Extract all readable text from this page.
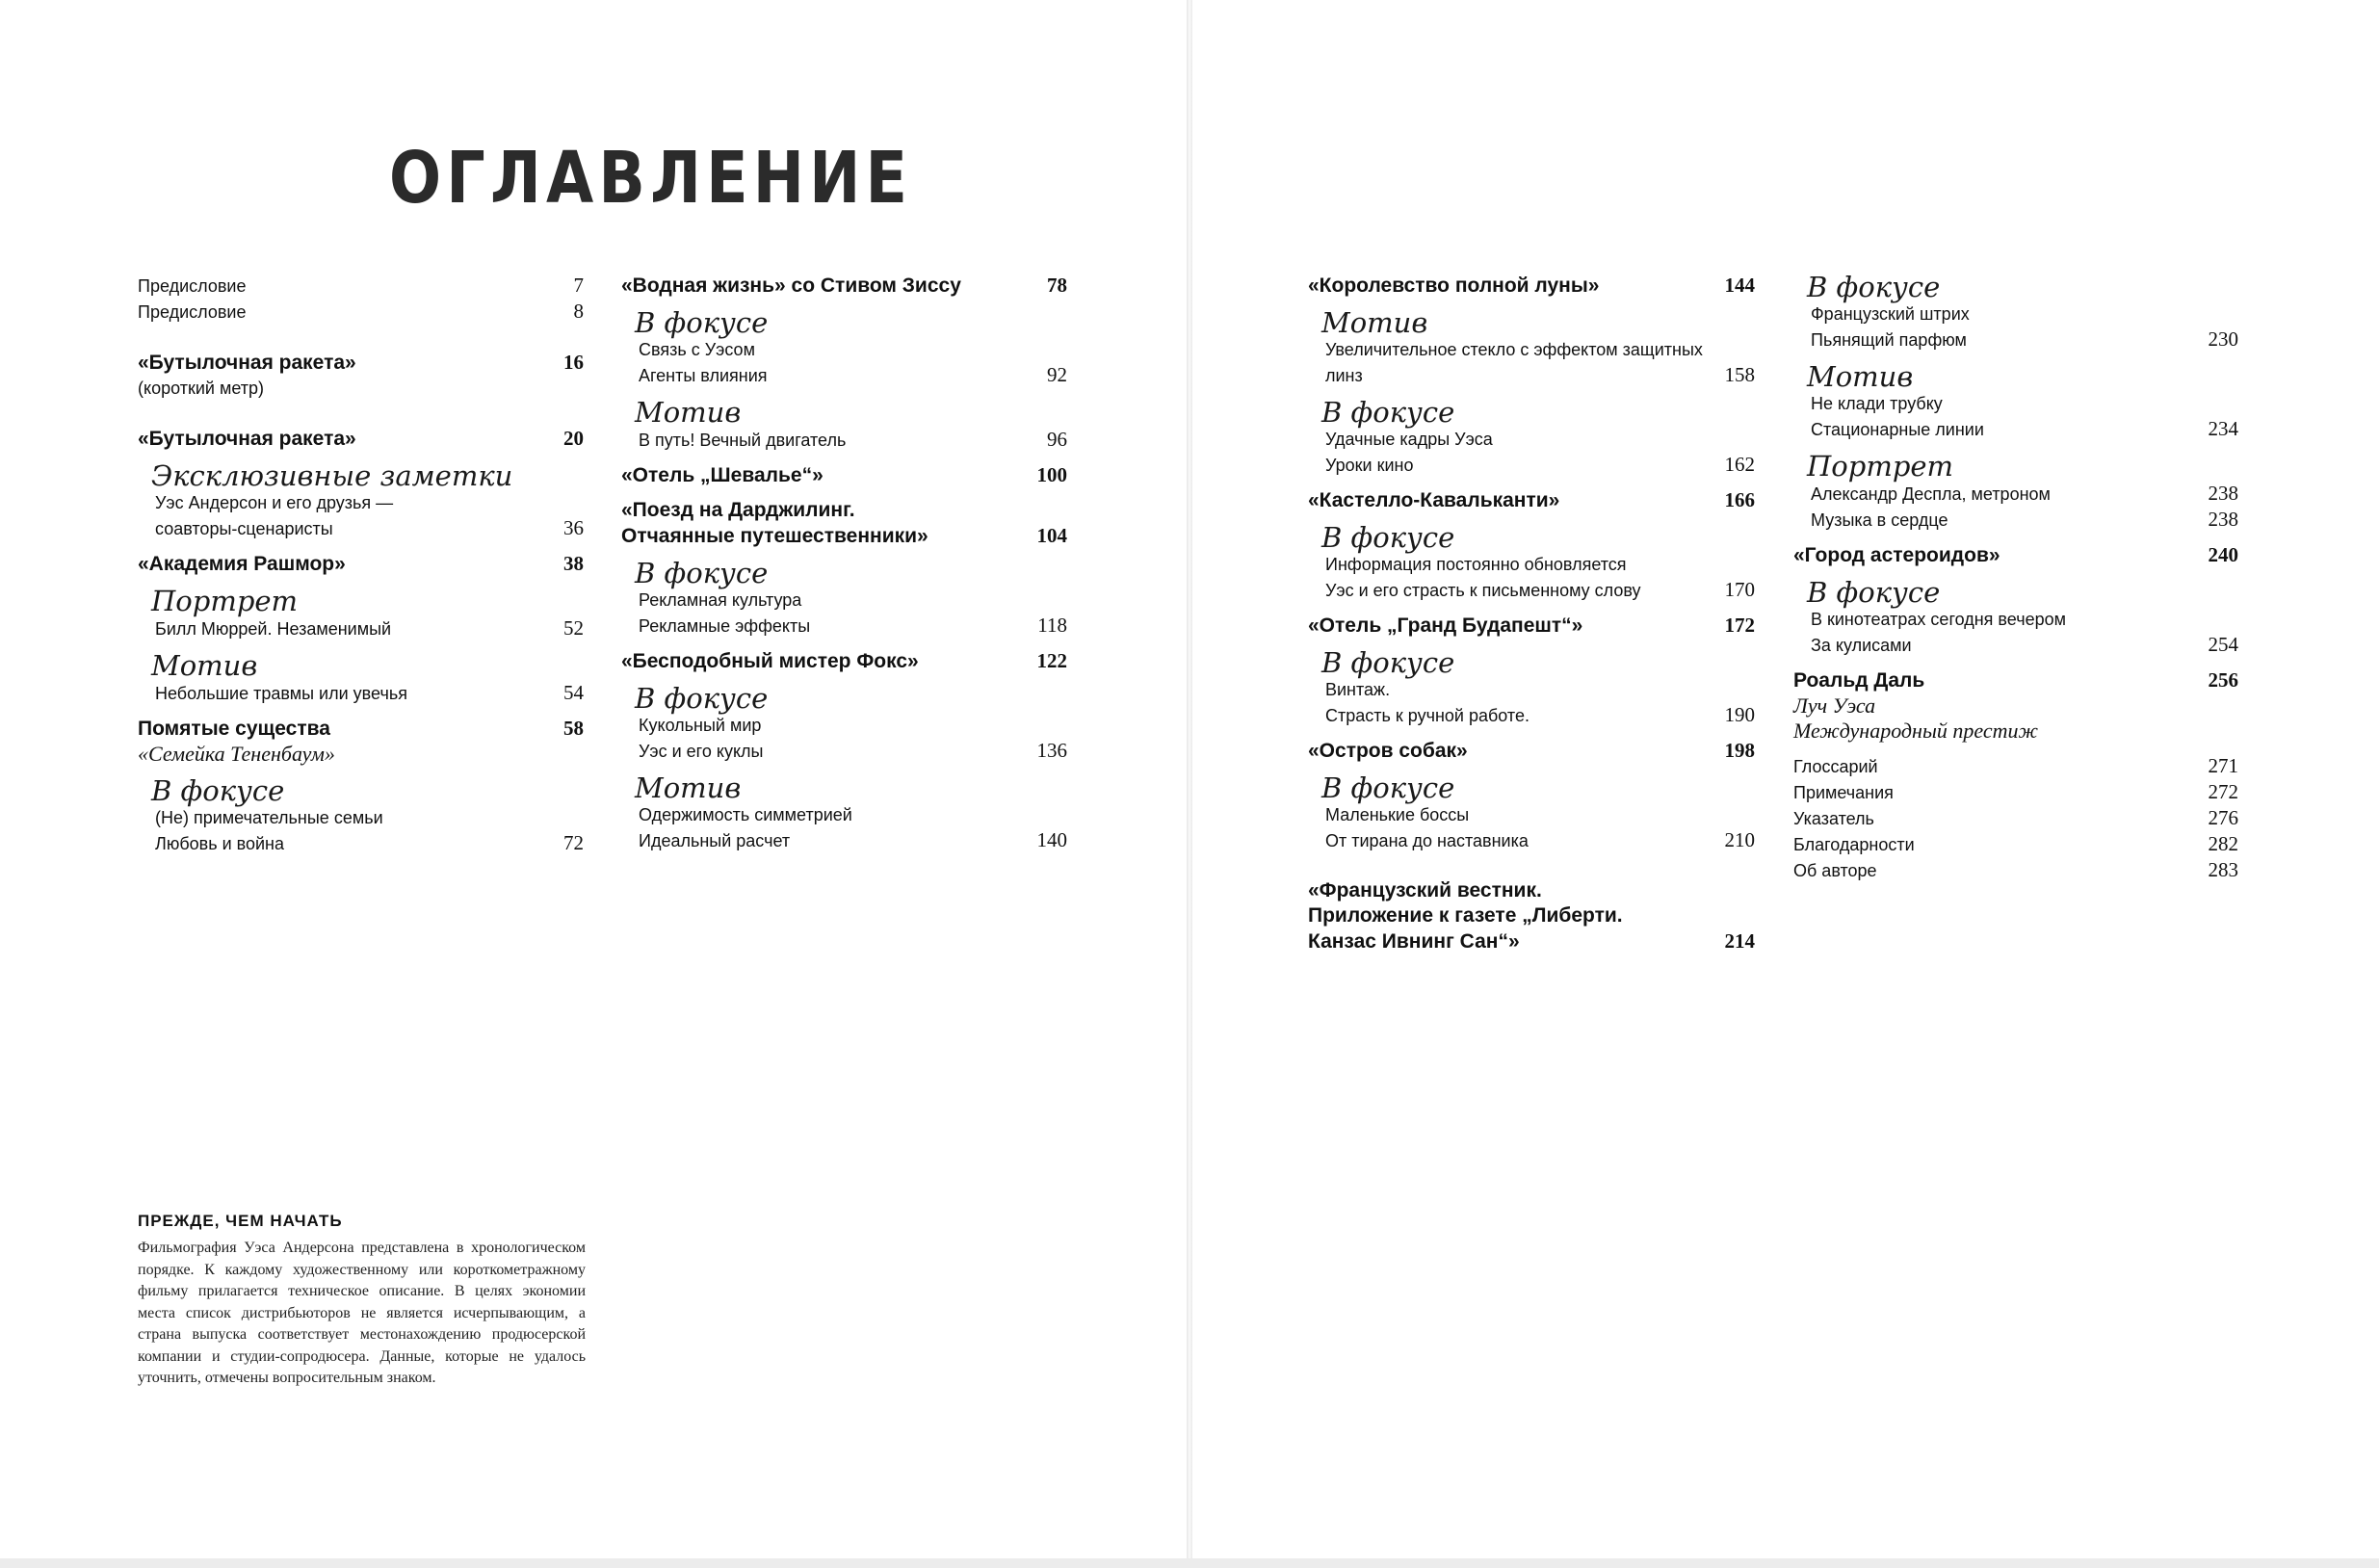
ОГЛАВЛЕНИЕ
Предисловие	7
Предисловие	8
«Бутылочная ракета»	16
(короткий метр)
«Бутылочная ракета»	20
Эксклюзивные заметки
Уэс Андерсон и его друзья —
соавторы-сценаристы	36
«Академия Рашмор»	38
Портрет
Билл Мюррей. Незаменимый	52
Мотив
Небольшие травмы или увечья	54
Помятые существа	58
«Семейка Тененбаум»
В фокусе
(Не) примечательные семьи
Любовь и война	72
«Водная жизнь» со Стивом Зиссу	78
В фокусе
Связь с Уэсом
Агенты влияния	92
Мотив
В путь! Вечный двигатель	96
«Отель „Шевалье“»	100
«Поезд на Дарджилинг.
Отчаянные путешественники»	104
В фокусе
Рекламная культура
Рекламные эффекты	118
«Бесподобный мистер Фокс»	122
В фокусе
Кукольный мир
Уэс и его куклы	136
Мотив
Одержимость симметрией
Идеальный расчет	140
«Королевство полной луны»	144
Мотив
Увеличительное стекло с эффектом защитных
линз	158
В фокусе
Удачные кадры Уэса
Уроки кино	162
«Кастелло-Кавальканти»	166
В фокусе
Информация постоянно обновляется
Уэс и его страсть к письменному слову	170
«Отель „Гранд Будапешт“»	172
В фокусе
Винтаж.
Страсть к ручной работе.	190
«Остров собак»	198
В фокусе
Маленькие боссы
От тирана до наставника	210
«Французский вестник.
Приложение к газете „Либерти.
Канзас Ивнинг Сан“»	214
В фокусе
Французский штрих
Пьянящий парфюм	230
Мотив
Не клади трубку
Стационарные линии	234
Портрет
Александр Деспла, метроном	238
Музыка в сердце	238
«Город астероидов»	240
В фокусе
В кинотеатрах сегодня вечером
За кулисами	254
Роальд Даль	256
Луч Уэса
Международный престиж
Глоссарий	271
Примечания	272
Указатель	276
Благодарности	282
Об авторе	283
ПРЕЖДЕ, ЧЕМ НАЧАТЬ

Фильмография Уэса Андерсона представлена в хронологическом порядке. К каждому художественному или короткометражному фильму прилагается техническое описание. В целях экономии места список дистрибьюторов не является исчерпывающим, а страна выпуска соответствует местонахождению продюсерской компании и студии-сопродюсера. Данные, которые не удалось уточнить, отмечены вопросительным знаком.
